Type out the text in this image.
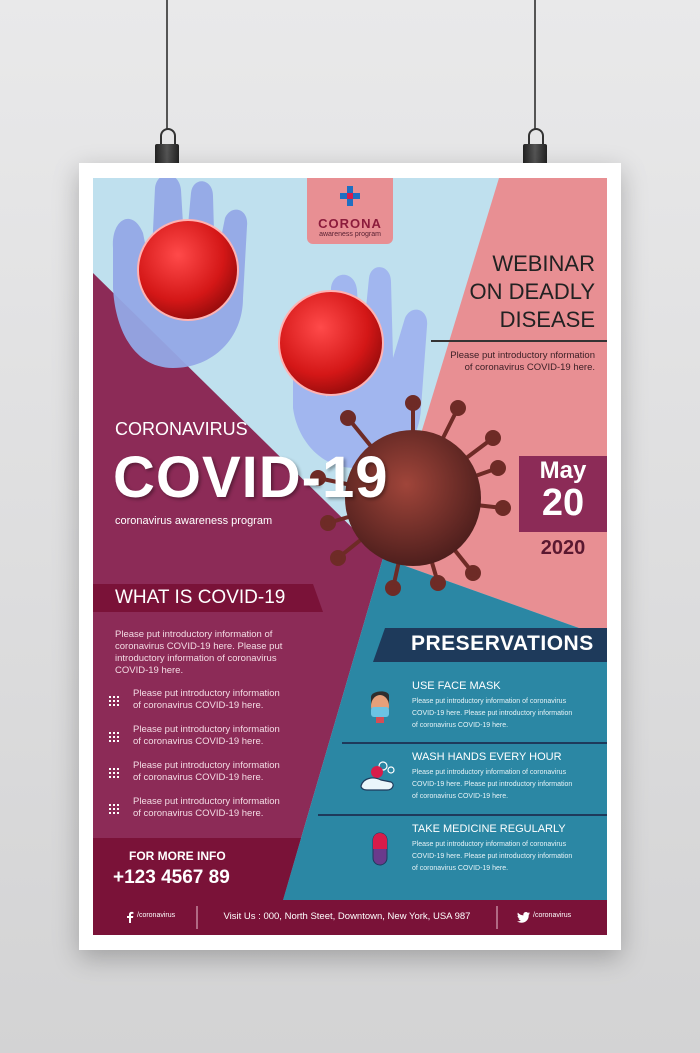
CORONA
awareness program
WEBINAR
ON DEADLY
DISEASE
Please put introductory nformation
of coronavirus COVID-19 here.
CORONAVIRUS
COVID-19
coronavirus awareness program
May
20
2020
WHAT IS COVID-19
Please put introductory information of
coronavirus COVID-19 here. Please put
introductory information of coronavirus
COVID-19 here.
Please put introductory information
of coronavirus COVID-19 here.
Please put introductory information
of coronavirus COVID-19 here.
Please put introductory information
of coronavirus COVID-19 here.
Please put introductory information
of coronavirus COVID-19 here.
FOR MORE INFO
+123 4567 89
PRESERVATIONS
USE FACE MASK
Please put introductory information of coronavirus
COVID-19 here. Please put introductory information
of coronavirus COVID-19 here.
WASH HANDS EVERY HOUR
Please put introductory information of coronavirus
COVID-19 here. Please put introductory information
of coronavirus COVID-19 here.
TAKE MEDICINE REGULARLY
Please put introductory information of coronavirus
COVID-19 here. Please put introductory information
of coronavirus COVID-19 here.
/coronavirus	Visit Us : 000, North Steet, Downtown, New York, USA 987	/coronavirus
